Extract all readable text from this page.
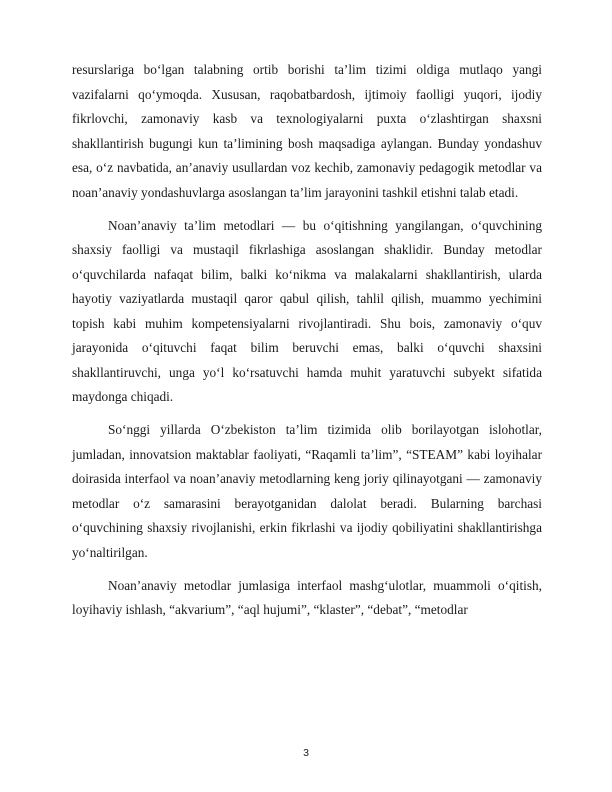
resurslariga bo‘lgan talabning ortib borishi ta’lim tizimi oldiga mutlaqo yangi vazifalarni qo‘ymoqda. Xususan, raqobatbardosh, ijtimoiy faolligi yuqori, ijodiy fikrlovchi, zamonaviy kasb va texnologiyalarni puxta o‘zlashtirgan shaxsni shakllantirish bugungi kun ta’limining bosh maqsadiga aylangan. Bunday yondashuv esa, o‘z navbatida, an’anaviy usullardan voz kechib, zamonaviy pedagogik metodlar va noan’anaviy yondashuvlarga asoslangan ta’lim jarayonini tashkil etishni talab etadi.

Noan’anaviy ta’lim metodlari — bu o‘qitishning yangilangan, o‘quvchining shaxsiy faolligi va mustaqil fikrlashiga asoslangan shaklidir. Bunday metodlar o‘quvchilarda nafaqat bilim, balki ko‘nikma va malakalarni shakllantirish, ularda hayotiy vaziyatlarda mustaqil qaror qabul qilish, tahlil qilish, muammo yechimini topish kabi muhim kompetensiyalarni rivojlantiradi. Shu bois, zamonaviy o‘quv jarayonida o‘qituvchi faqat bilim beruvchi emas, balki o‘quvchi shaxsini shakllantiruvchi, unga yo‘l ko‘rsatuvchi hamda muhit yaratuvchi subyekt sifatida maydonga chiqadi.

So‘nggi yillarda O‘zbekiston ta’lim tizimida olib borilayotgan islohotlar, jumladan, innovatsion maktablar faoliyati, “Raqamli ta’lim”, “STEAM” kabi loyihalar doirasida interfaol va noan’anaviy metodlarning keng joriy qilinayotgani — zamonaviy metodlar o‘z samarasini berayotganidan dalolat beradi. Bularning barchasi o‘quvchining shaxsiy rivojlanishi, erkin fikrlashi va ijodiy qobiliyatini shakllantirishga yo‘naltirilgan.

Noan’anaviy metodlar jumlasiga interfaol mashg‘ulotlar, muammoli o‘qitish, loyihaviy ishlash, “akvarium”, “aql hujumi”, “klaster”, “debat”, “metodlar

3
